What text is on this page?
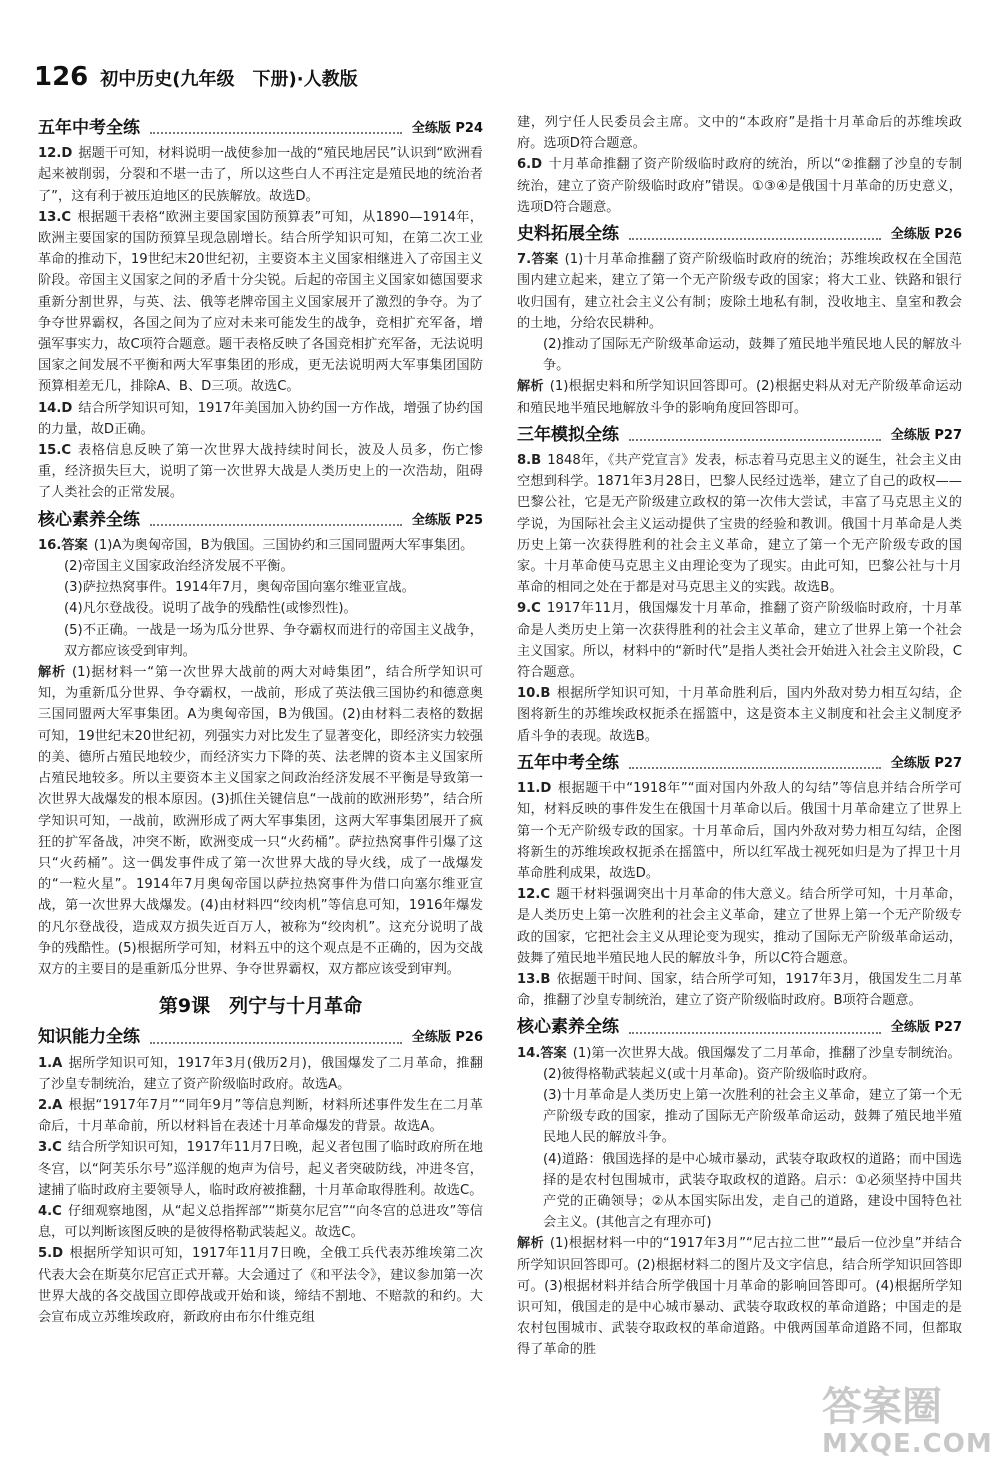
126 初中历史(九年级　下册)·人教版
五年中考全练	全练版 P24

12.D 据题干可知，材料说明一战使参加一战的“殖民地居民”认识到“欧洲看起来被削弱，分裂和不堪一击了，所以这些白人不再注定是殖民地的统治者了”，这有利于被压迫地区的民族解放。故选D。

13.C 根据题干表格“欧洲主要国家国防预算表”可知，从1890—1914年，欧洲主要国家的国防预算呈现急剧增长。结合所学知识可知，在第二次工业革命的推动下，19世纪末20世纪初，主要资本主义国家相继进入了帝国主义阶段。帝国主义国家之间的矛盾十分尖锐。后起的帝国主义国家如德国要求重新分割世界，与英、法、俄等老牌帝国主义国家展开了激烈的争夺。为了争夺世界霸权，各国之间为了应对未来可能发生的战争，竞相扩充军备，增强军事实力，故C项符合题意。题干表格反映了各国竞相扩充军备，无法说明国家之间发展不平衡和两大军事集团的形成，更无法说明两大军事集团国防预算相差无几，排除A、B、D三项。故选C。

14.D 结合所学知识可知，1917年美国加入协约国一方作战，增强了协约国的力量，故D正确。

15.C 表格信息反映了第一次世界大战持续时间长，波及人员多，伤亡惨重，经济损失巨大，说明了第一次世界大战是人类历史上的一次浩劫，阻碍了人类社会的正常发展。

核心素养全练	全练版 P25

16.答案 (1)A为奥匈帝国，B为俄国。三国协约和三国同盟两大军事集团。

(2)帝国主义国家政治经济发展不平衡。

(3)萨拉热窝事件。1914年7月，奥匈帝国向塞尔维亚宣战。

(4)凡尔登战役。说明了战争的残酷性(或惨烈性)。

(5)不正确。一战是一场为瓜分世界、争夺霸权而进行的帝国主义战争，双方都应该受到审判。

解析 (1)据材料一“第一次世界大战前的两大对峙集团”，结合所学知识可知，为重新瓜分世界、争夺霸权，一战前，形成了英法俄三国协约和德意奥三国同盟两大军事集团。A为奥匈帝国，B为俄国。(2)由材料二表格的数据可知，19世纪末20世纪初，列强实力对比发生了显著变化，即经济实力较强的美、德所占殖民地较少，而经济实力下降的英、法老牌的资本主义国家所占殖民地较多。所以主要资本主义国家之间政治经济发展不平衡是导致第一次世界大战爆发的根本原因。(3)抓住关键信息“一战前的欧洲形势”，结合所学知识可知，一战前，欧洲形成了两大军事集团，这两大军事集团展开了疯狂的扩军备战，冲突不断，欧洲变成一只“火药桶”。萨拉热窝事件引爆了这只“火药桶”。这一偶发事件成了第一次世界大战的导火线，成了一战爆发的“一粒火星”。1914年7月奥匈帝国以萨拉热窝事件为借口向塞尔维亚宣战，第一次世界大战爆发。(4)由材料四“绞肉机”等信息可知，1916年爆发的凡尔登战役，造成双方损失近百万人，被称为“绞肉机”。这充分说明了战争的残酷性。(5)根据所学可知，材料五中的这个观点是不正确的，因为交战双方的主要目的是重新瓜分世界、争夺世界霸权，双方都应该受到审判。

第9课　列宁与十月革命
知识能力全练	全练版 P26

1.A 据所学知识可知，1917年3月(俄历2月)，俄国爆发了二月革命，推翻了沙皇专制统治，建立了资产阶级临时政府。故选A。

2.A 根据“1917年7月”“同年9月”等信息判断，材料所述事件发生在二月革命后，十月革命前，所以材料旨在表述十月革命爆发的背景。故选A。

3.C 结合所学知识可知，1917年11月7日晚，起义者包围了临时政府所在地冬宫，以“阿芙乐尔号”巡洋舰的炮声为信号，起义者突破防线，冲进冬宫，逮捕了临时政府主要领导人，临时政府被推翻，十月革命取得胜利。故选C。

4.C 仔细观察地图，从“起义总指挥部”“斯莫尔尼宫”“向冬宫的总进攻”等信息，可以判断该图反映的是彼得格勒武装起义。故选C。

5.D 根据所学知识可知，1917年11月7日晚，全俄工兵代表苏维埃第二次代表大会在斯莫尔尼宫正式开幕。大会通过了《和平法令》，建议参加第一次世界大战的各交战国立即停战或开始和谈，缔结不割地、不赔款的和约。大会宣布成立苏维埃政府，新政府由布尔什维克组

建，列宁任人民委员会主席。文中的“本政府”是指十月革命后的苏维埃政府。选项D符合题意。

6.D 十月革命推翻了资产阶级临时政府的统治，所以“②推翻了沙皇的专制统治，建立了资产阶级临时政府”错误。①③④是俄国十月革命的历史意义，选项D符合题意。

史料拓展全练	全练版 P26

7.答案 (1)十月革命推翻了资产阶级临时政府的统治；苏维埃政权在全国范围内建立起来，建立了第一个无产阶级专政的国家；将大工业、铁路和银行收归国有，建立社会主义公有制；废除土地私有制，没收地主、皇室和教会的土地，分给农民耕种。

(2)推动了国际无产阶级革命运动，鼓舞了殖民地半殖民地人民的解放斗争。

解析 (1)根据史料和所学知识回答即可。(2)根据史料从对无产阶级革命运动和殖民地半殖民地解放斗争的影响角度回答即可。

三年模拟全练	全练版 P27

8.B 1848年，《共产党宣言》发表，标志着马克思主义的诞生，社会主义由空想到科学。1871年3月28日，巴黎人民经过选举，建立了自己的政权——巴黎公社，它是无产阶级建立政权的第一次伟大尝试，丰富了马克思主义的学说，为国际社会主义运动提供了宝贵的经验和教训。俄国十月革命是人类历史上第一次获得胜利的社会主义革命，建立了第一个无产阶级专政的国家。十月革命使马克思主义由理论变为了现实。由此可知，巴黎公社与十月革命的相同之处在于都是对马克思主义的实践。故选B。

9.C 1917年11月，俄国爆发十月革命，推翻了资产阶级临时政府，十月革命是人类历史上第一次获得胜利的社会主义革命，建立了世界上第一个社会主义国家。所以，材料中的“新时代”是指人类社会开始进入社会主义阶段，C符合题意。

10.B 根据所学知识可知，十月革命胜利后，国内外敌对势力相互勾结，企图将新生的苏维埃政权扼杀在摇篮中，这是资本主义制度和社会主义制度矛盾斗争的表现。故选B。

五年中考全练	全练版 P27

11.D 根据题干中“1918年”“面对国内外敌人的勾结”等信息并结合所学可知，材料反映的事件发生在俄国十月革命以后。俄国十月革命建立了世界上第一个无产阶级专政的国家。十月革命后，国内外敌对势力相互勾结，企图将新生的苏维埃政权扼杀在摇篮中，所以红军战士视死如归是为了捍卫十月革命胜利成果，故选D。

12.C 题干材料强调突出十月革命的伟大意义。结合所学可知，十月革命，是人类历史上第一次胜利的社会主义革命，建立了世界上第一个无产阶级专政的国家，它把社会主义从理论变为现实，推动了国际无产阶级革命运动，鼓舞了殖民地半殖民地人民的解放斗争，所以C符合题意。

13.B 依据题干时间、国家，结合所学可知，1917年3月，俄国发生二月革命，推翻了沙皇专制统治，建立了资产阶级临时政府。B项符合题意。

核心素养全练	全练版 P27

14.答案 (1)第一次世界大战。俄国爆发了二月革命，推翻了沙皇专制统治。

(2)彼得格勒武装起义(或十月革命)。资产阶级临时政府。

(3)十月革命是人类历史上第一次胜利的社会主义革命，建立了第一个无产阶级专政的国家，推动了国际无产阶级革命运动，鼓舞了殖民地半殖民地人民的解放斗争。

(4)道路：俄国选择的是中心城市暴动，武装夺取政权的道路；而中国选择的是农村包围城市，武装夺取政权的道路。启示：①必须坚持中国共产党的正确领导；②从本国实际出发，走自己的道路，建设中国特色社会主义。(其他言之有理亦可)

解析 (1)根据材料一中的“1917年3月”“尼古拉二世”“最后一位沙皇”并结合所学知识回答即可。(2)根据材料二的图片及文字信息，结合所学知识回答即可。(3)根据材料并结合所学俄国十月革命的影响回答即可。(4)根据所学知识可知，俄国走的是中心城市暴动、武装夺取政权的革命道路；中国走的是农村包围城市、武装夺取政权的革命道路。中俄两国革命道路不同，但都取得了革命的胜

答案圈
MXQE.COM
